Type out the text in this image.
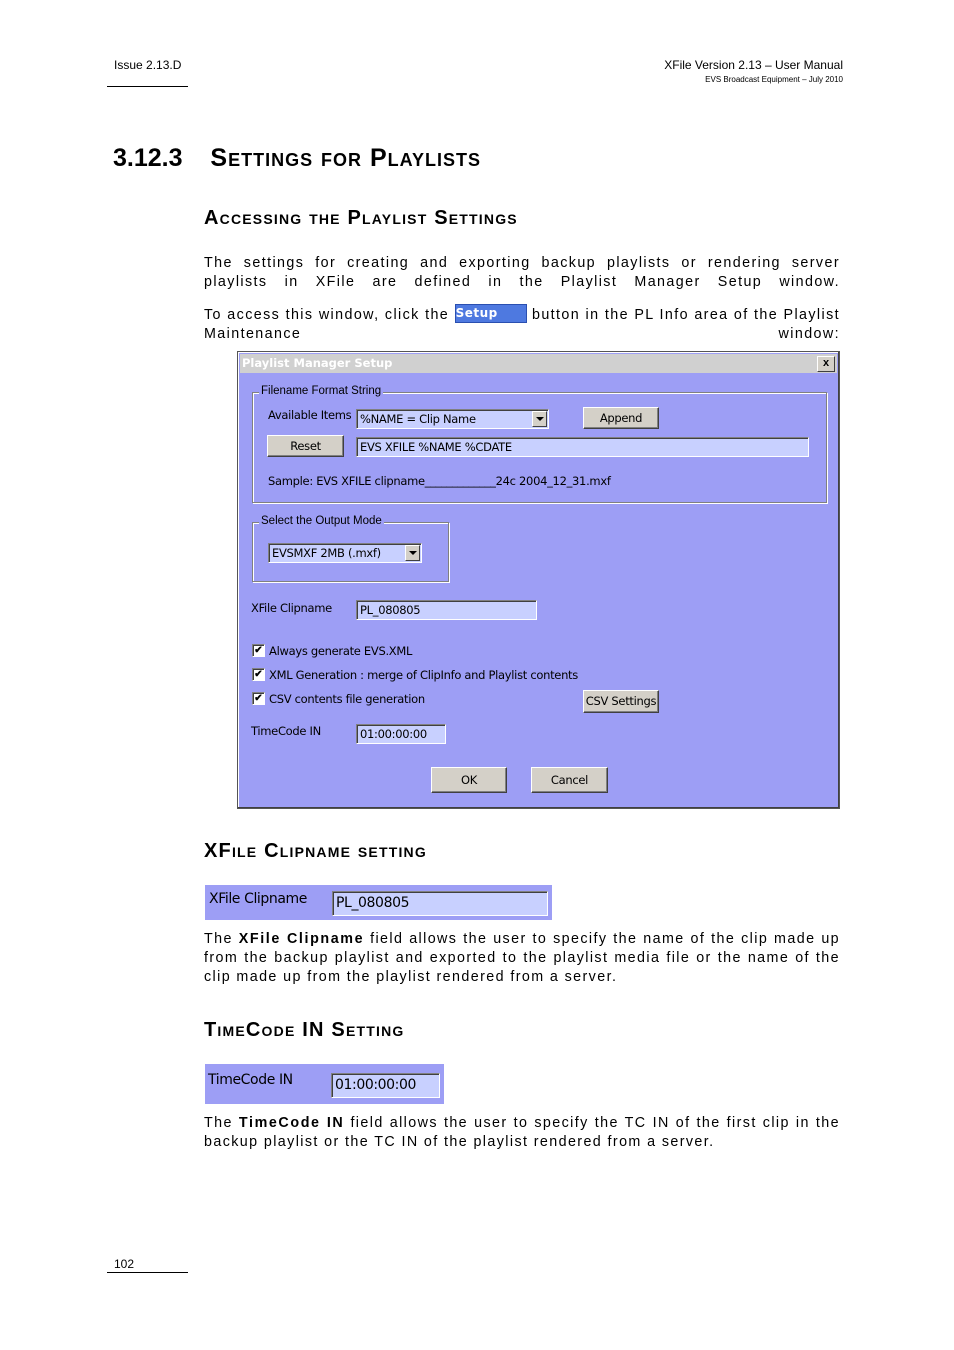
Issue 2.13.D	XFile Version 2.13 – User Manual
EVS Broadcast Equipment – July 2010
3.12.3 Settings for Playlists
Accessing the Playlist Settings
The settings for creating and exporting backup playlists or rendering server playlists in XFile are defined in the Playlist Manager Setup window.
To access this window, click the Setup button in the PL Info area of the Playlist Maintenance window:
Playlist Manager Setup	x
Filename Format String
Available Items %NAME = Clip Name	Append
Reset	EVS XFILE %NAME %CDATE
Sample: EVS XFILE clipname_____________24c 2004_12_31.mxf
Select the Output Mode
EVSMXF 2MB (.mxf)
XFile Clipname	PL_080805
✔ Always generate EVS.XML
✔ XML Generation : merge of ClipInfo and Playlist contents
✔ CSV contents file generation	CSV Settings
TimeCode IN	01:00:00:00
OK	Cancel
XFile Clipname setting
XFile Clipname PL_080805
The XFile Clipname field allows the user to specify the name of the clip made up from the backup playlist and exported to the playlist media file or the name of the clip made up from the playlist rendered from a server.
TimeCode IN Setting
TimeCode IN	01:00:00:00
The TimeCode IN field allows the user to specify the TC IN of the first clip in the backup playlist or the TC IN of the playlist rendered from a server.
102
